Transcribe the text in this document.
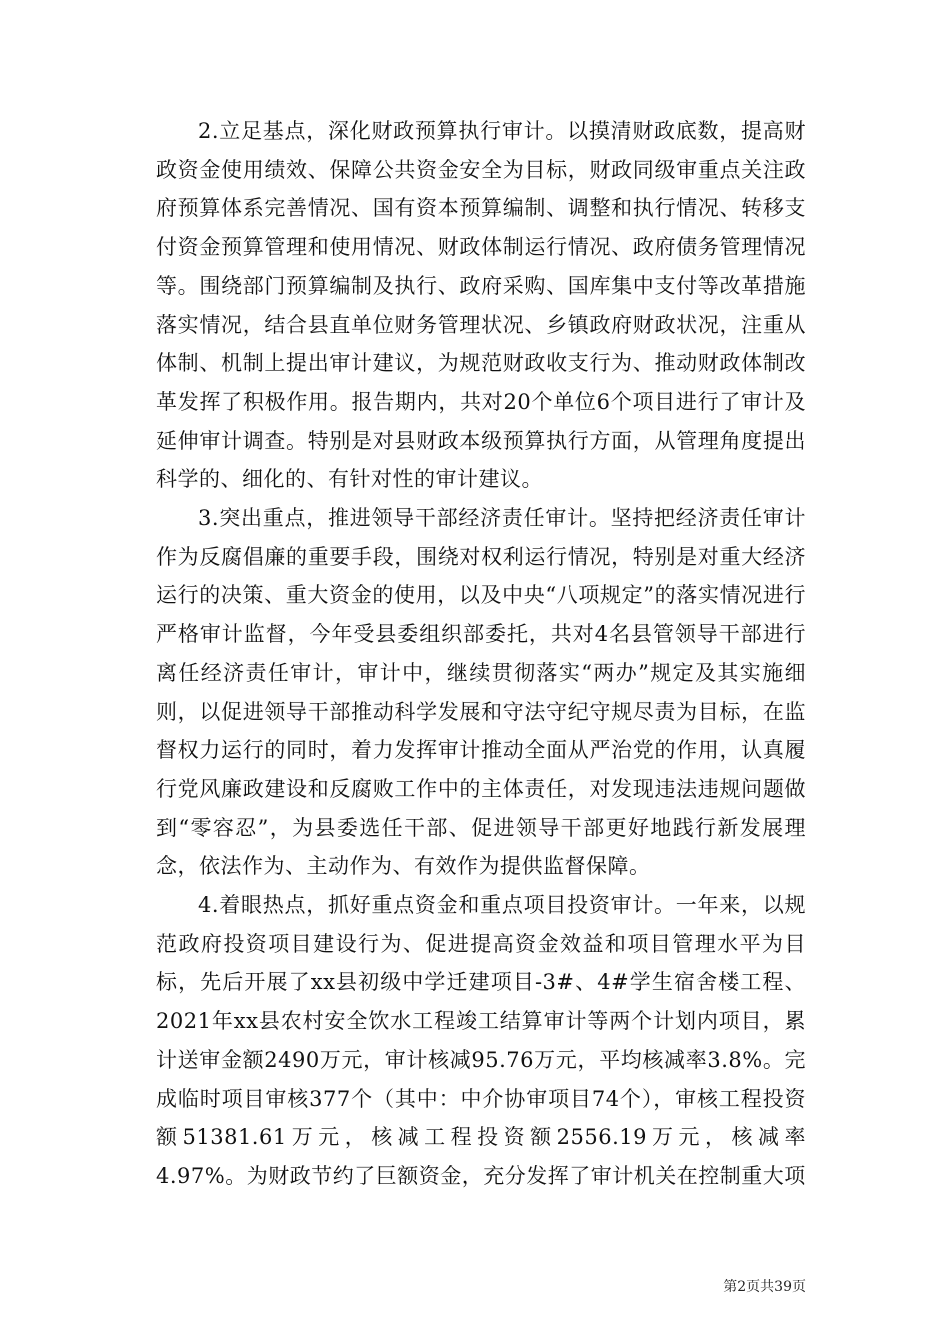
2.立足基点，深化财政预算执行审计。以摸清财政底数，提高财政资金使用绩效、保障公共资金安全为目标，财政同级审重点关注政府预算体系完善情况、国有资本预算编制、调整和执行情况、转移支付资金预算管理和使用情况、财政体制运行情况、政府债务管理情况等。围绕部门预算编制及执行、政府采购、国库集中支付等改革措施落实情况，结合县直单位财务管理状况、乡镇政府财政状况，注重从体制、机制上提出审计建议，为规范财政收支行为、推动财政体制改革发挥了积极作用。报告期内，共对20个单位6个项目进行了审计及延伸审计调查。特别是对县财政本级预算执行方面，从管理角度提出科学的、细化的、有针对性的审计建议。

3.突出重点，推进领导干部经济责任审计。坚持把经济责任审计作为反腐倡廉的重要手段，围绕对权利运行情况，特别是对重大经济运行的决策、重大资金的使用，以及中央“八项规定”的落实情况进行严格审计监督，今年受县委组织部委托，共对4名县管领导干部进行离任经济责任审计，审计中，继续贯彻落实“两办”规定及其实施细则，以促进领导干部推动科学发展和守法守纪守规尽责为目标，在监督权力运行的同时，着力发挥审计推动全面从严治党的作用，认真履行党风廉政建设和反腐败工作中的主体责任，对发现违法违规问题做到“零容忍”，为县委选任干部、促进领导干部更好地践行新发展理念，依法作为、主动作为、有效作为提供监督保障。

4.着眼热点，抓好重点资金和重点项目投资审计。一年来，以规范政府投资项目建设行为、促进提高资金效益和项目管理水平为目标，先后开展了xx县初级中学迁建项目-3#、4#学生宿舍楼工程、2021年xx县农村安全饮水工程竣工结算审计等两个计划内项目，累计送审金额2490万元，审计核减95.76万元，平均核减率3.8%。完成临时项目审核377个（其中：中介协审项目74个），审核工程投资额51381.61万元，核减工程投资额2556.19万元，核减率4.97%。为财政节约了巨额资金，充分发挥了审计机关在控制重大项

第2页共39页
